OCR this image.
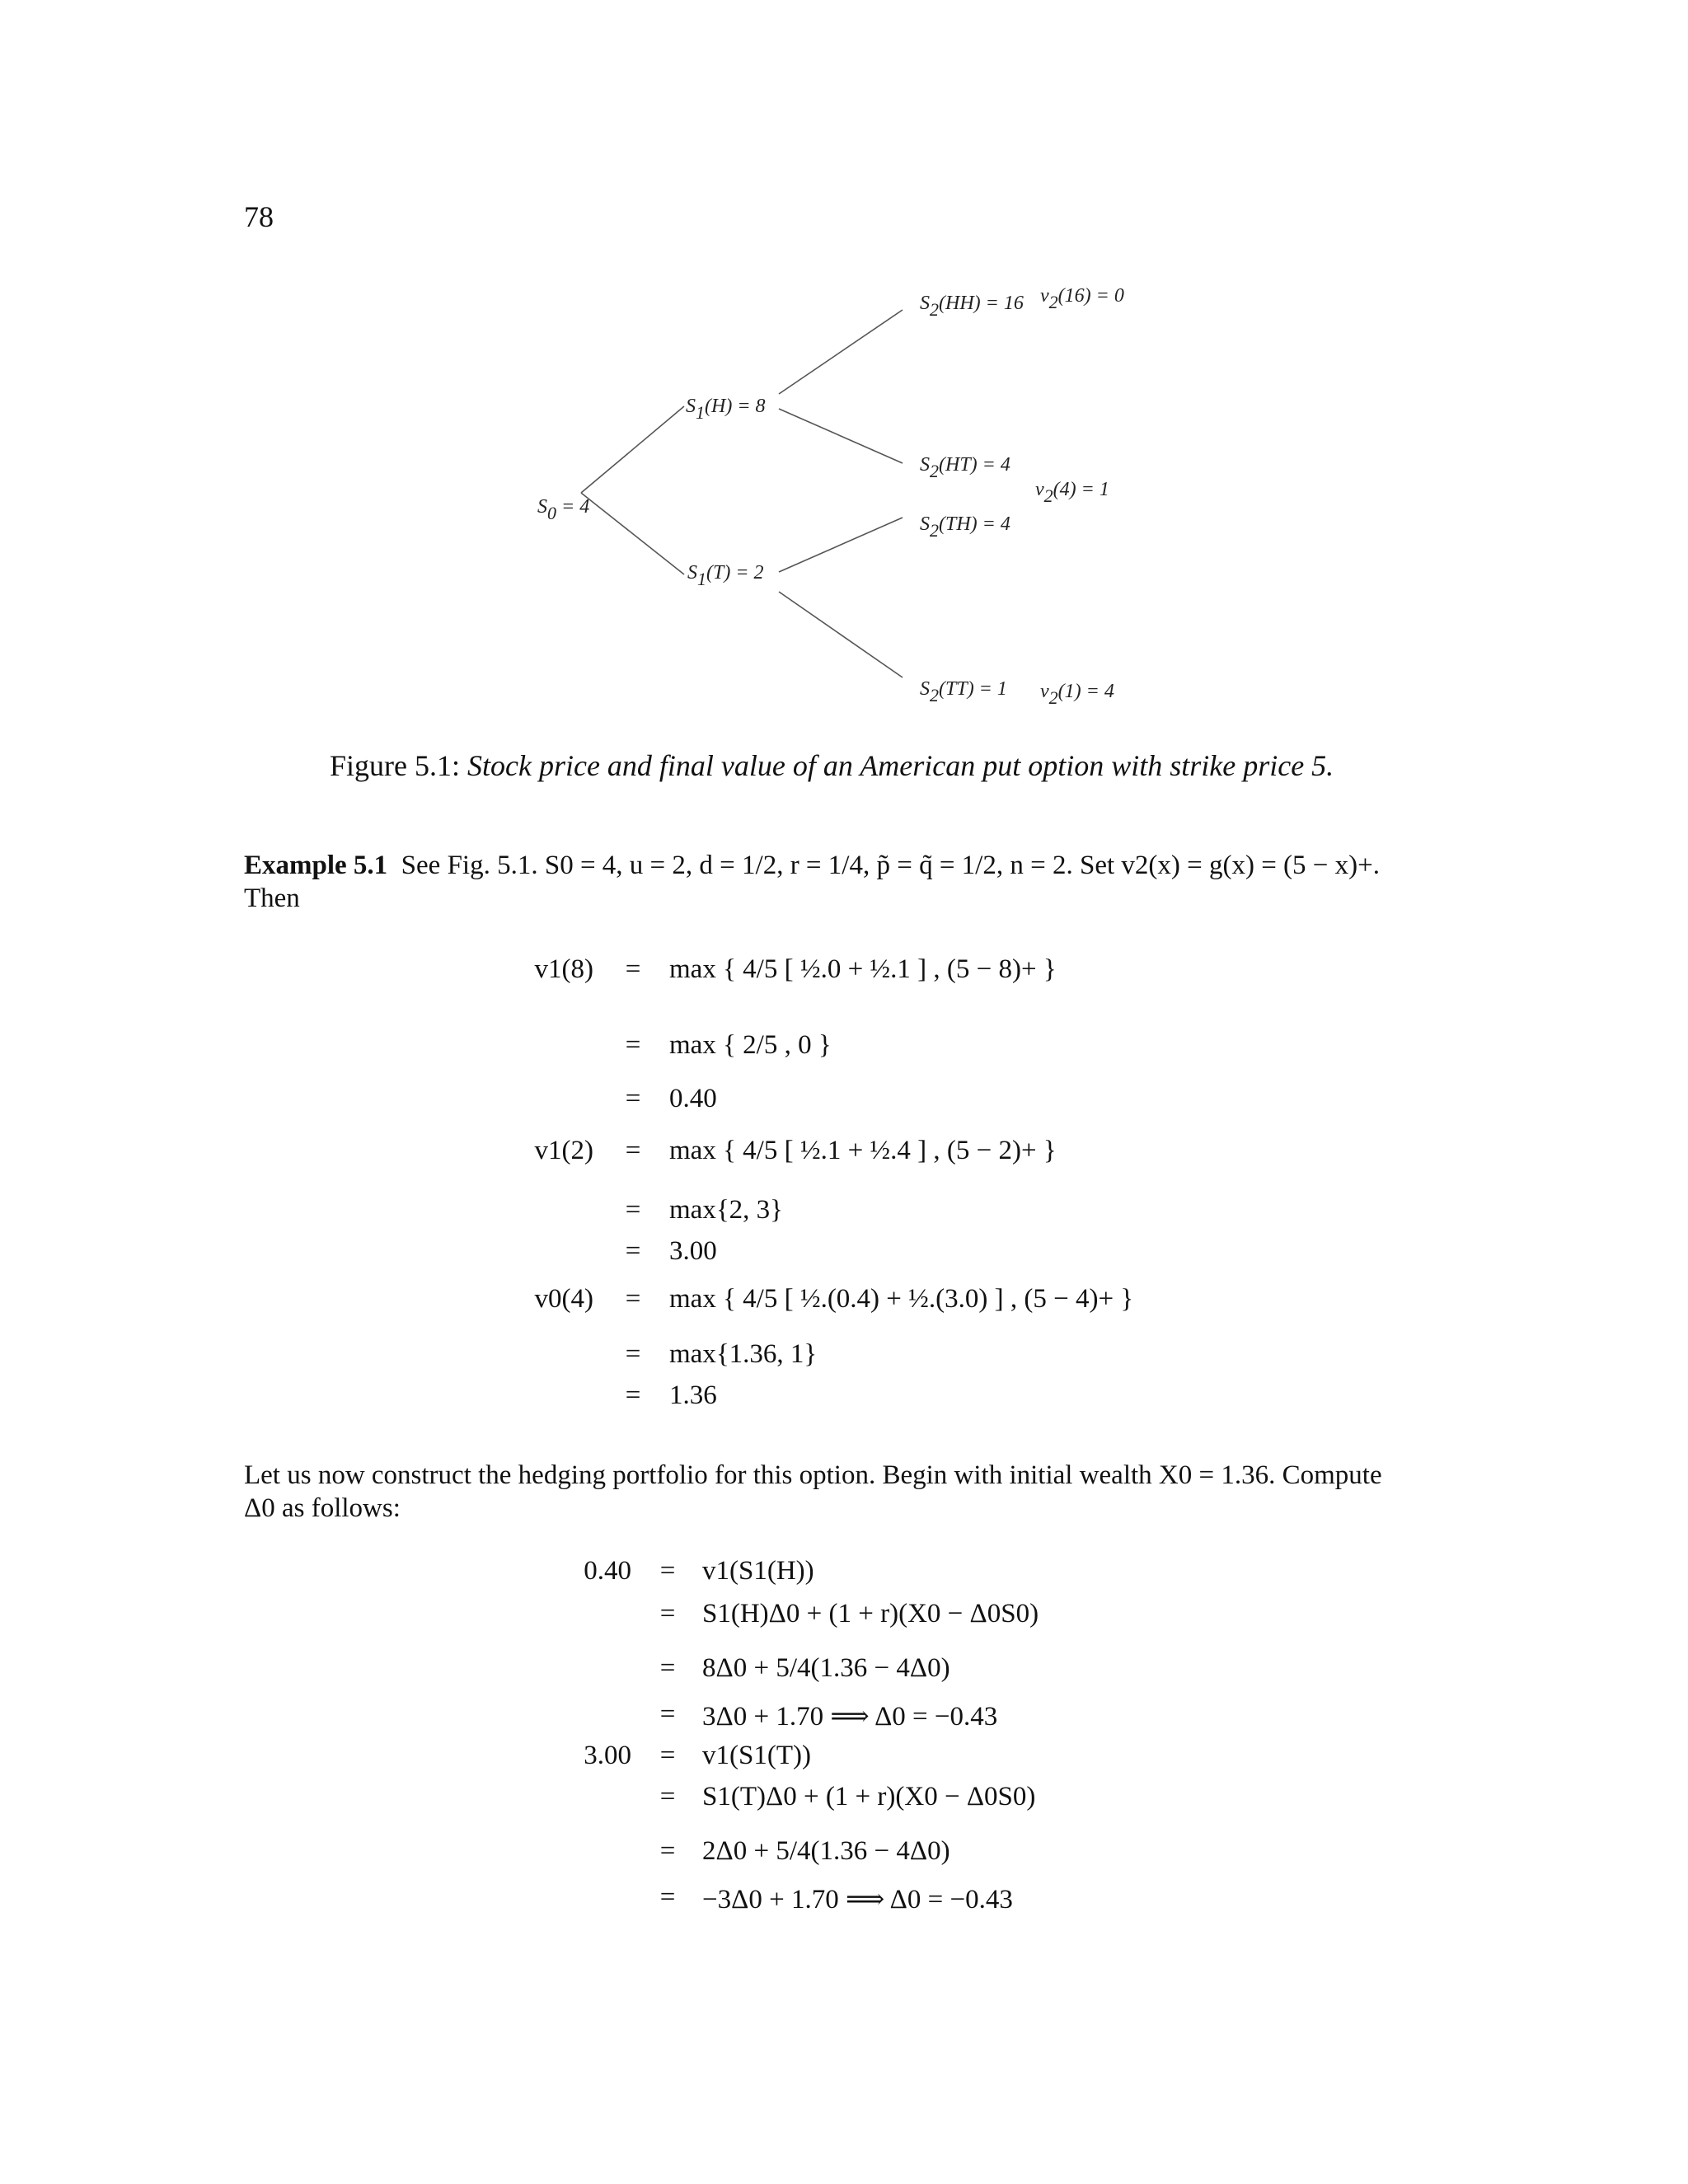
78
S0 = 4
S1(H) = 8
S1(T) = 2
S2(HH) = 16
S2(HT) = 4
S2(TH) = 4
S2(TT) = 1
v2(16) = 0
v2(4) = 1
v2(1) = 4
Figure 5.1: Stock price and final value of an American put option with strike price 5.
Example 5.1 See Fig. 5.1. S0 = 4, u = 2, d = 1/2, r = 1/4, p̃ = q̃ = 1/2, n = 2. Set v2(x) = g(x) = (5 − x)+.
Then
v1(8)	=	max { 4/5 [ ½.0 + ½.1 ] , (5 − 8)+ }
=	max { 2/5 , 0 }
=	0.40
v1(2)	=	max { 4/5 [ ½.1 + ½.4 ] , (5 − 2)+ }
=	max{2, 3}
=	3.00
v0(4)	=	max { 4/5 [ ½.(0.4) + ½.(3.0) ] , (5 − 4)+ }
=	max{1.36, 1}
=	1.36
Let us now construct the hedging portfolio for this option. Begin with initial wealth X0 = 1.36. Compute
Δ0 as follows:
0.40	= v1(S1(H))
= S1(H)Δ0 + (1 + r)(X0 − Δ0S0)
= 8Δ0 + 5/4(1.36 − 4Δ0)
= 3Δ0 + 1.70 ⟹ Δ0 = −0.43
3.00	= v1(S1(T))
= S1(T)Δ0 + (1 + r)(X0 − Δ0S0)
= 2Δ0 + 5/4(1.36 − 4Δ0)
= −3Δ0 + 1.70 ⟹ Δ0 = −0.43
